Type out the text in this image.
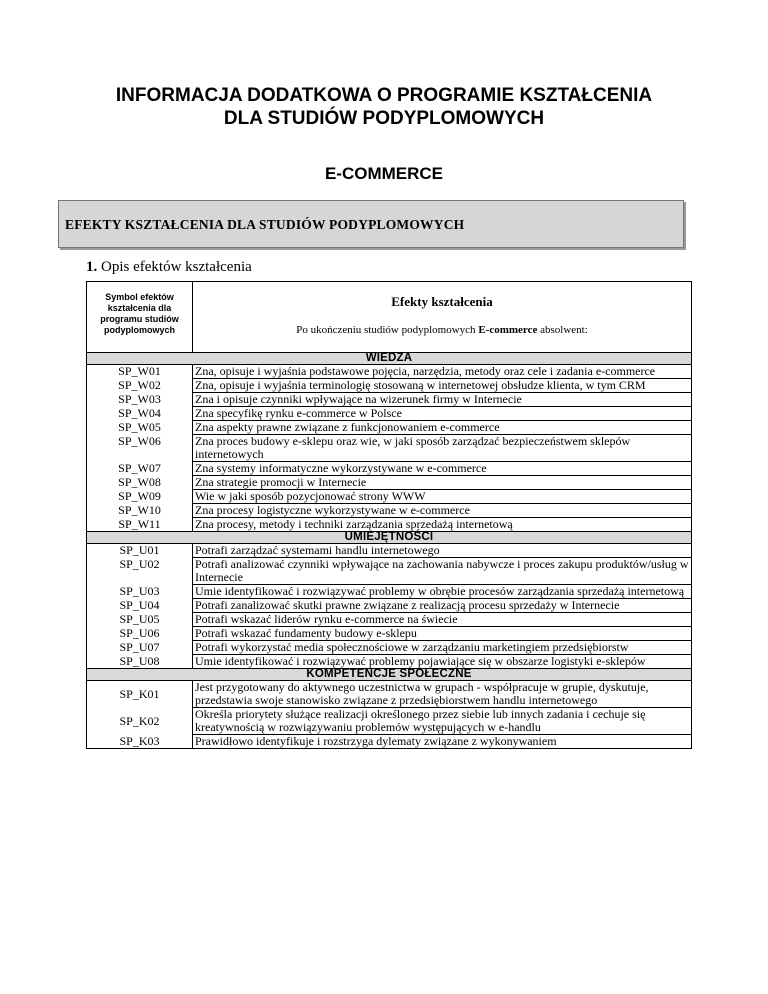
INFORMACJA DODATKOWA O PROGRAMIE KSZTAŁCENIA
DLA STUDIÓW PODYPLOMOWYCH
E-COMMERCE
EFEKTY KSZTAŁCENIA DLA STUDIÓW PODYPLOMOWYCH
1. Opis efektów kształcenia
Symbol efektów kształcenia dla programu studiów podyplomowych	Efekty kształcenia
Po ukończeniu studiów podyplomowych E-commerce absolwent:

WIEDZA	
SP_W01	Zna, opisuje i wyjaśnia podstawowe pojęcia, narzędzia, metody oraz cele i zadania e-commerce
SP_W02	Zna, opisuje i wyjaśnia terminologię stosowaną w internetowej obsłudze klienta, w tym CRM
SP_W03	Zna i opisuje czynniki wpływające na wizerunek firmy w Internecie
SP_W04	Zna specyfikę rynku e-commerce w Polsce
SP_W05	Zna aspekty prawne związane z funkcjonowaniem e-commerce
SP_W06	Zna proces budowy e-sklepu oraz wie, w jaki sposób zarządzać bezpieczeństwem sklepów internetowych
SP_W07	Zna systemy informatyczne wykorzystywane w e-commerce
SP_W08	Zna strategie promocji w Internecie
SP_W09	Wie w jaki sposób pozycjonować strony WWW
SP_W10	Zna procesy logistyczne wykorzystywane w e-commerce
SP_W11	Zna procesy, metody i techniki zarządzania sprzedażą internetową
UMIEJĘTNOŚCI	
SP_U01	Potrafi zarządzać systemami handlu internetowego
SP_U02	Potrafi analizować czynniki wpływające na zachowania nabywcze i proces zakupu produktów/usług w Internecie
SP_U03	Umie identyfikować i rozwiązywać problemy w obrębie procesów zarządzania sprzedażą internetową
SP_U04	Potrafi zanalizować skutki prawne związane z realizacją procesu sprzedaży w Internecie
SP_U05	Potrafi wskazać liderów rynku e-commerce na świecie
SP_U06	Potrafi wskazać fundamenty budowy e-sklepu
SP_U07	Potrafi wykorzystać media społecznościowe w zarządzaniu marketingiem przedsiębiorstw
SP_U08	Umie identyfikować i rozwiązywać problemy pojawiające się w obszarze logistyki e-sklepów
KOMPETENCJE SPOŁECZNE	
SP_K01	Jest przygotowany do aktywnego uczestnictwa w grupach - współpracuje w grupie, dyskutuje, przedstawia swoje stanowisko związane z przedsiębiorstwem handlu internetowego
SP_K02	Określa priorytety służące realizacji określonego przez siebie lub innych zadania i cechuje się kreatywnością w rozwiązywaniu problemów występujących w e-handlu
SP_K03	Prawidłowo identyfikuje i rozstrzyga dylematy związane z wykonywaniem
